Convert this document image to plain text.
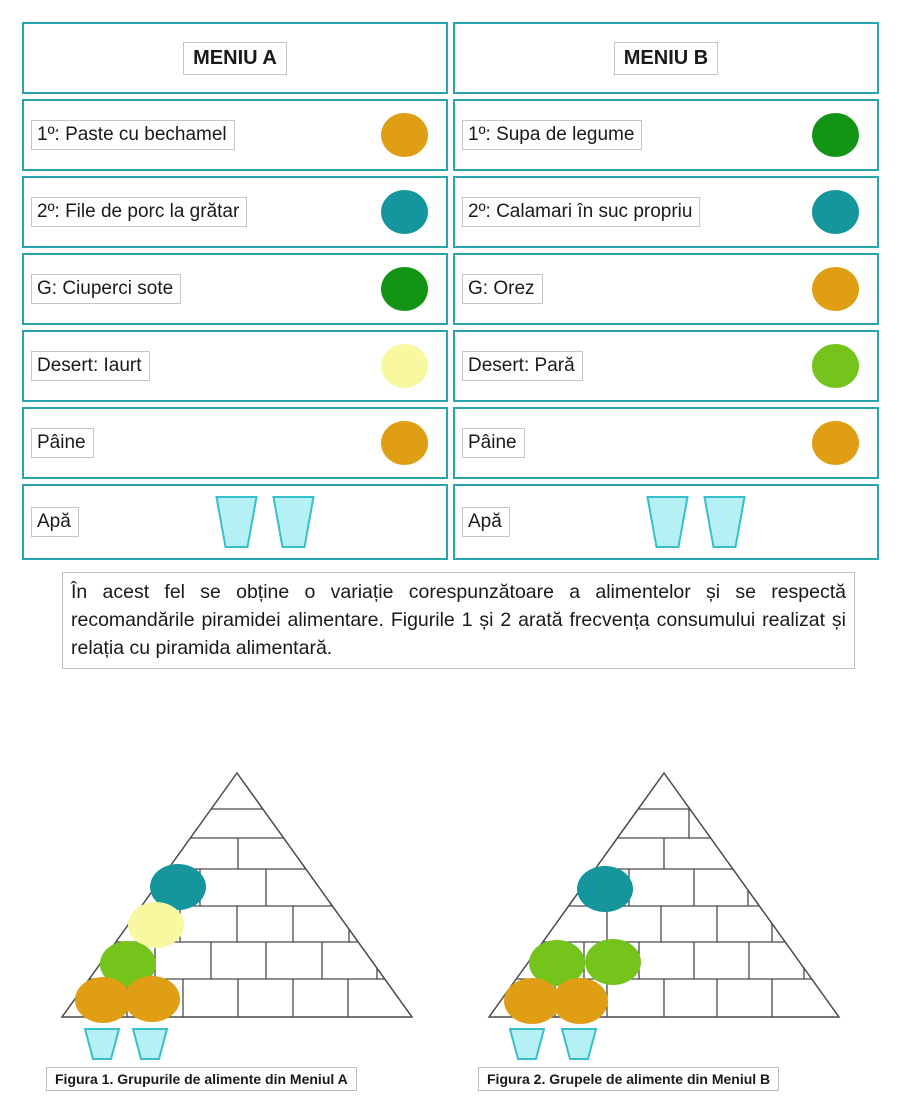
MENIU A	MENIU B
1º: Paste cu bechamel	1º: Supa de legume

2º: File de porc la grătar	2º: Calamari în suc propriu

G: Ciuperci sote	G: Orez

Desert: Iaurt	Desert: Pară

Pâine	Pâine

Apă	Apă
În acest fel se obține o variație corespunzătoare a alimentelor și se respectă recomandările piramidei alimentare. Figurile 1 și 2 arată frecvența consumului realizat și relația cu piramida alimentară.
Figura 1. Grupurile de alimente din Meniul A	Figura 2. Grupele de alimente din Meniul B
